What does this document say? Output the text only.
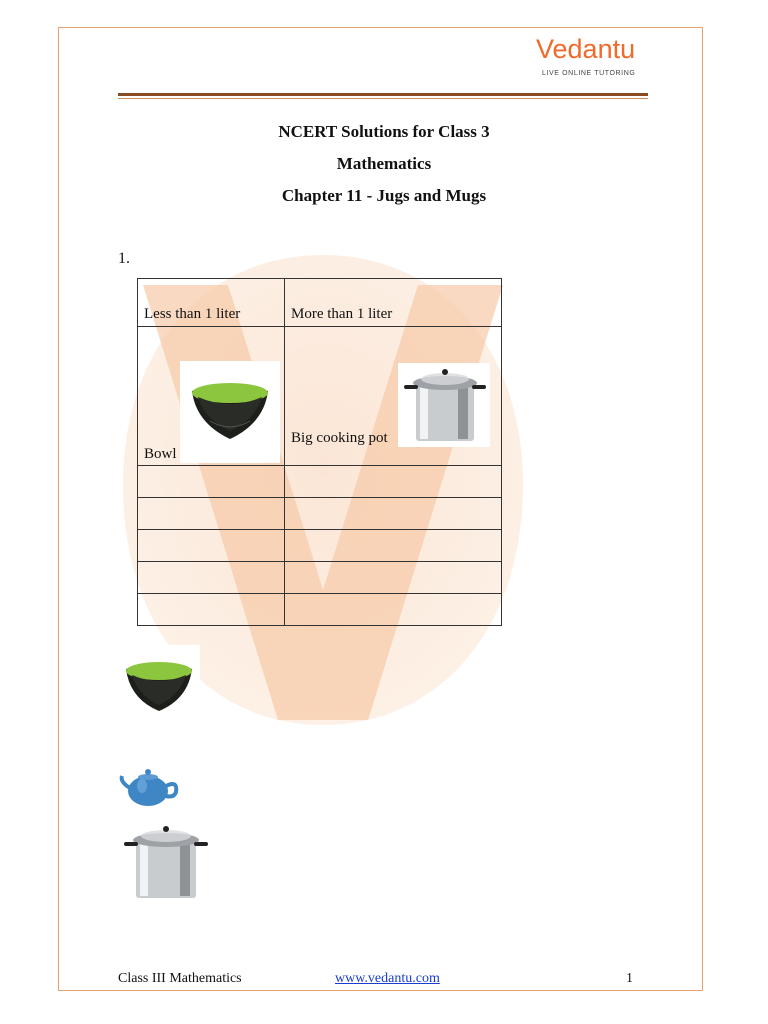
Vedantu
LIVE ONLINE TUTORING
NCERT Solutions for Class 3
Mathematics
Chapter 11 - Jugs and Mugs
1.
Less than 1 liter	More than 1 liter

Bowl	Big cooking pot

Class III Mathematics	www.vedantu.com	1
